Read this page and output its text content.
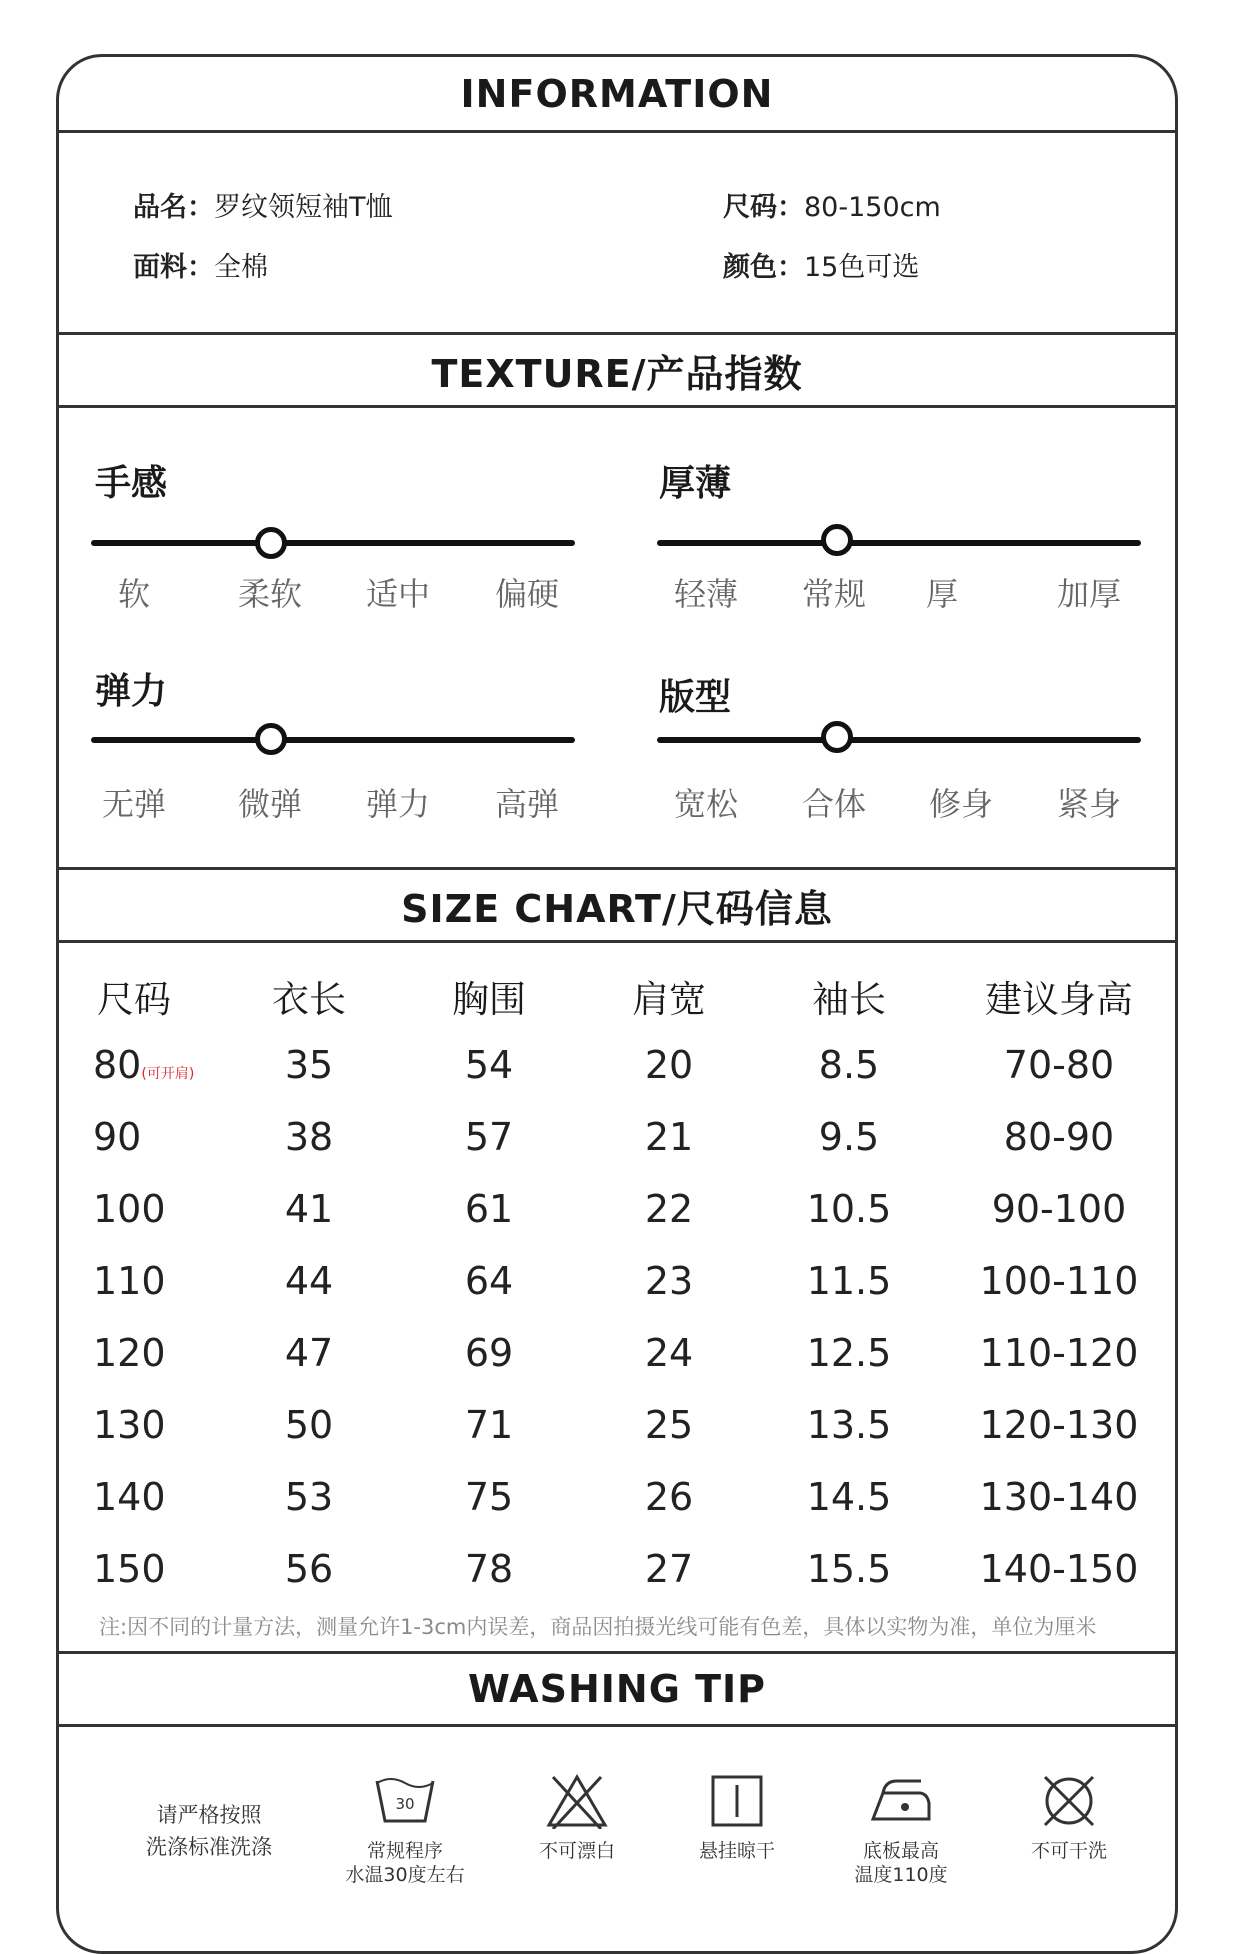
INFORMATION
品名：罗纹领短袖T恤
面料：全棉
尺码：80-150cm
颜色：15色可选
TEXTURE/产品指数
手感
软	柔软	适中	偏硬
厚薄
轻薄	常规	厚	加厚
弹力
无弹	微弹	弹力	高弹
版型
宽松	合体	修身	紧身
SIZE CHART/尺码信息
尺码	衣长	胸围	肩宽	袖长	建议身高
80(可开肩)	35	54	20	8.5	70-80
90	38	57	21	9.5	80-90
100	41	61	22	10.5	90-100
110	44	64	23	11.5	100-110
120	47	69	24	12.5	110-120
130	50	71	25	13.5	120-130
140	53	75	26	14.5	130-140
150	56	78	27	15.5	140-150
注:因不同的计量方法，测量允许1-3cm内误差，商品因拍摄光线可能有色差，具体以实物为准，单位为厘米
WASHING TIP
请严格按照
洗涤标准洗涤
30
常规程序
水温30度左右
不可漂白	悬挂晾干	底板最高
温度110度
不可干洗
